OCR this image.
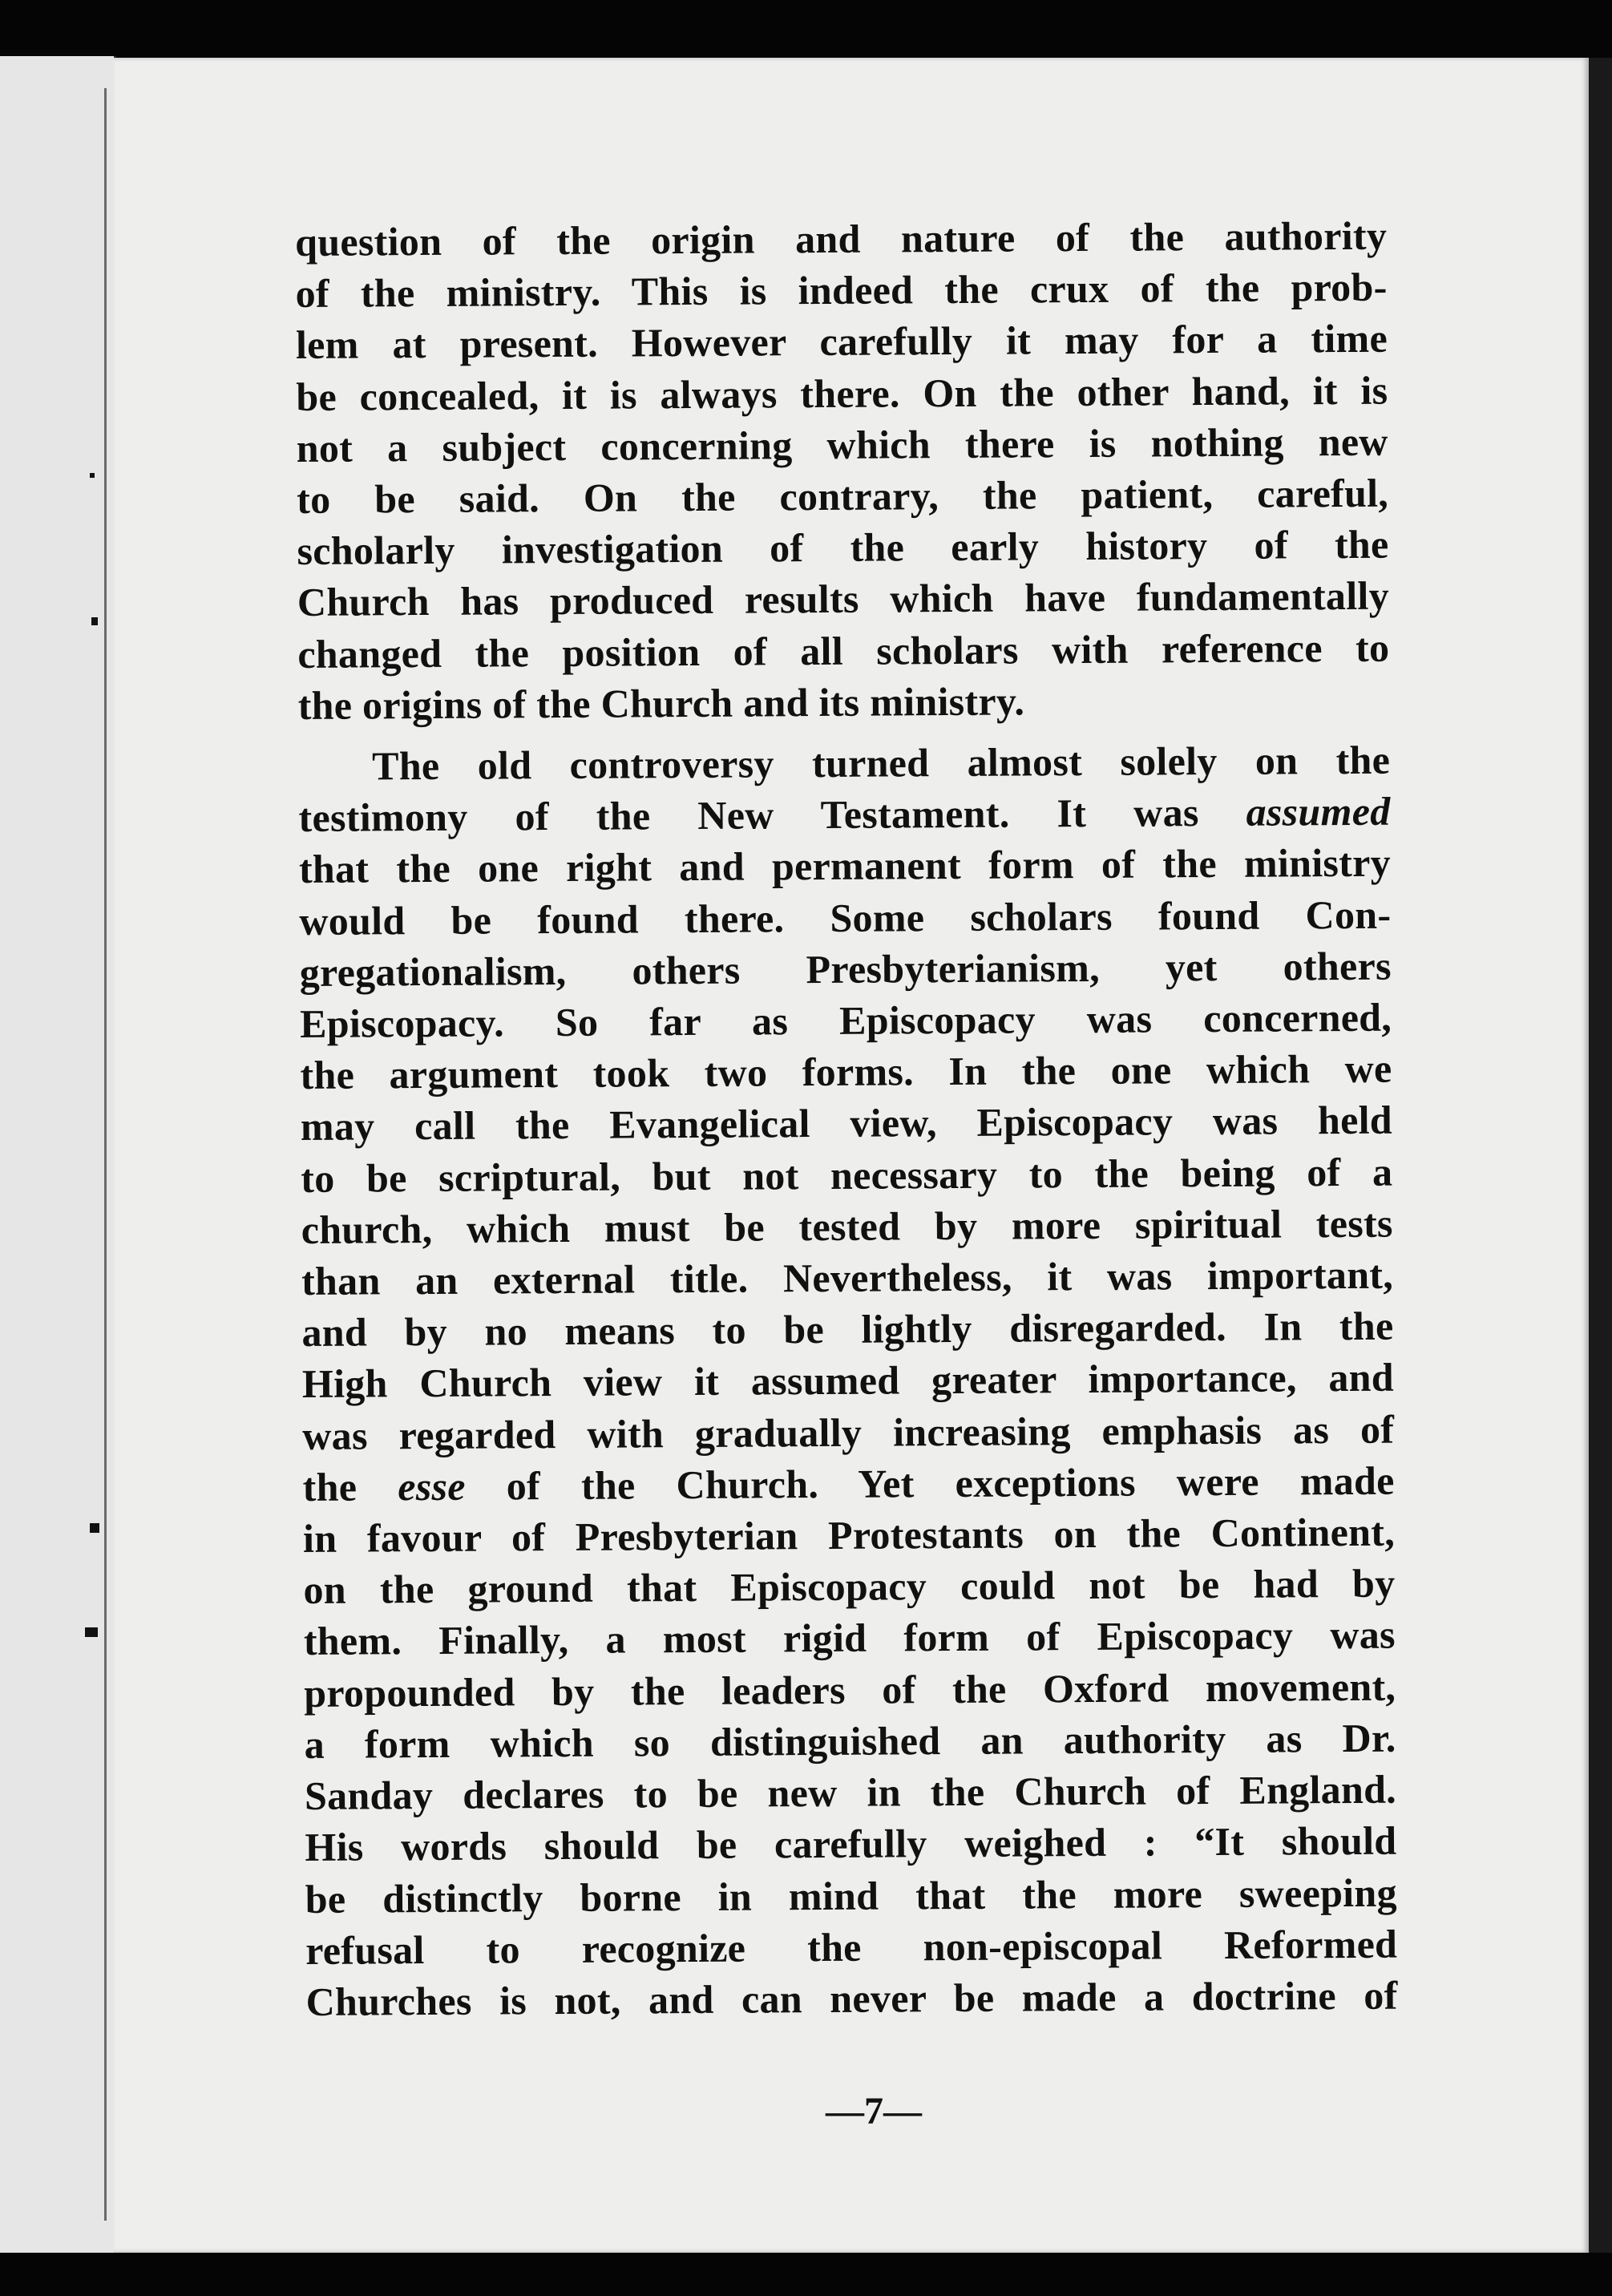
question of the origin and nature of the authority
of the ministry. This is indeed the crux of the prob-
lem at present. However carefully it may for a time
be concealed, it is always there. On the other hand, it is
not a subject concerning which there is nothing new
to be said. On the contrary, the patient, careful,
scholarly investigation of the early history of the
Church has produced results which have fundamentally
changed the position of all scholars with reference to
the origins of the Church and its ministry.
The old controversy turned almost solely on the
testimony of the New Testament. It was assumed
that the one right and permanent form of the ministry
would be found there. Some scholars found Con-
gregationalism, others Presbyterianism, yet others
Episcopacy. So far as Episcopacy was concerned,
the argument took two forms. In the one which we
may call the Evangelical view, Episcopacy was held
to be scriptural, but not necessary to the being of a
church, which must be tested by more spiritual tests
than an external title. Nevertheless, it was important,
and by no means to be lightly disregarded. In the
High Church view it assumed greater importance, and
was regarded with gradually increasing emphasis as of
the esse of the Church. Yet exceptions were made
in favour of Presbyterian Protestants on the Continent,
on the ground that Episcopacy could not be had by
them. Finally, a most rigid form of Episcopacy was
propounded by the leaders of the Oxford movement,
a form which so distinguished an authority as Dr.
Sanday declares to be new in the Church of England.
His words should be carefully weighed : “It should
be distinctly borne in mind that the more sweeping
refusal to recognize the non-episcopal Reformed
Churches is not, and can never be made a doctrine of
—7—
